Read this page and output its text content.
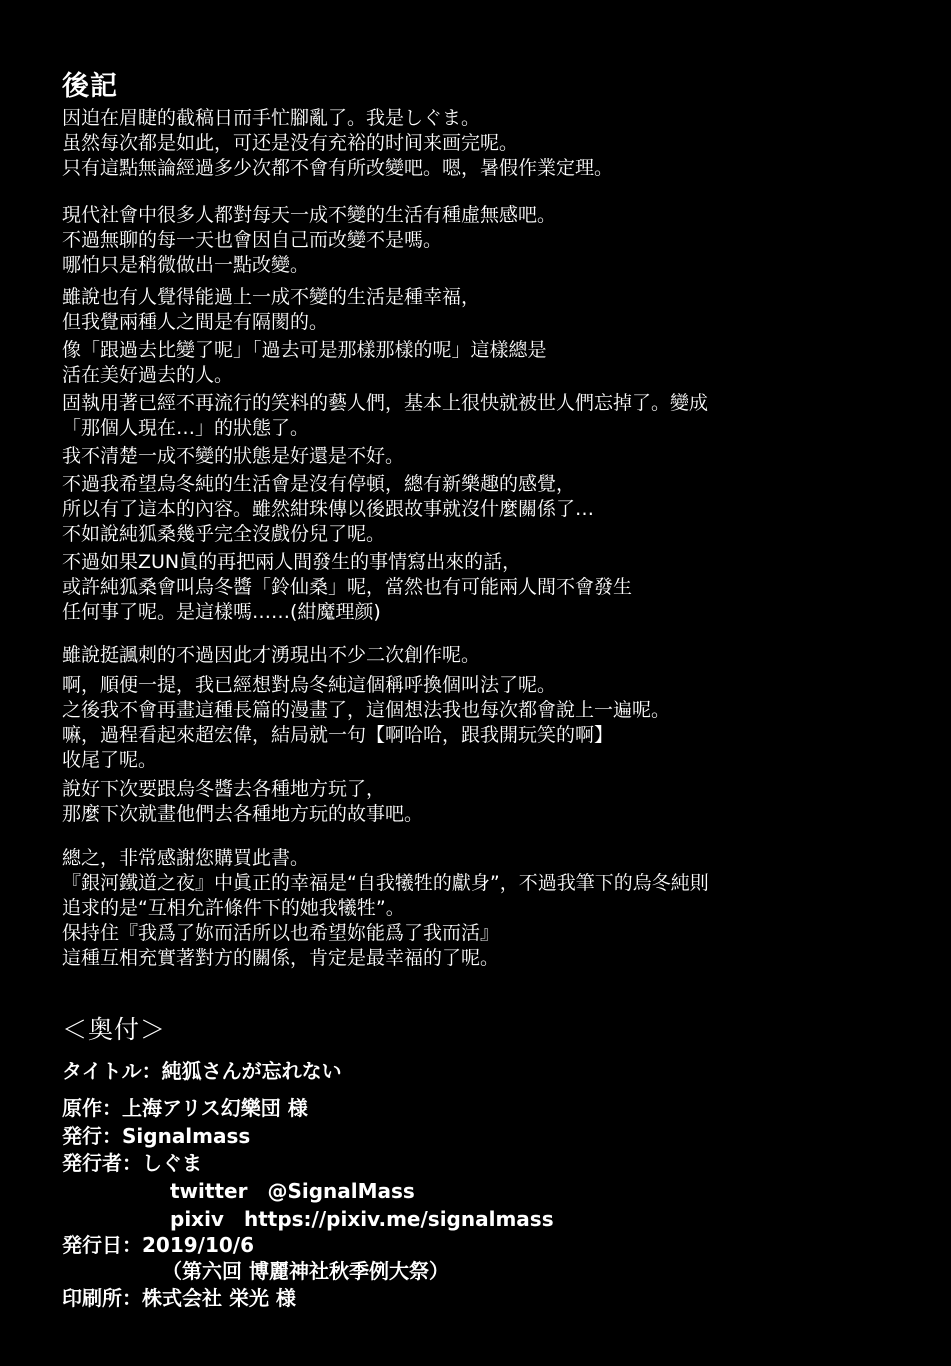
後記
因迫在眉睫的截稿日而手忙腳亂了。我是しぐま。
虽然每次都是如此，可还是没有充裕的时间来画完呢。
只有這點無論經過多少次都不會有所改變吧。嗯，暑假作業定理。
現代社會中很多人都對每天一成不變的生活有種虛無感吧。
不過無聊的每一天也會因自己而改變不是嗎。
哪怕只是稍微做出一點改變。
雖說也有人覺得能過上一成不變的生活是種幸福，
但我覺兩種人之間是有隔閡的。
像「跟過去比變了呢」「過去可是那樣那樣的呢」這樣總是
活在美好過去的人。
固執用著已經不再流行的笑料的藝人們，基本上很快就被世人們忘掉了。變成
「那個人現在…」的狀態了。
我不清楚一成不變的狀態是好還是不好。
不過我希望烏冬純的生活會是沒有停頓，總有新樂趣的感覺，
所以有了這本的內容。雖然紺珠傳以後跟故事就沒什麼關係了…
不如說純狐桑幾乎完全沒戲份兒了呢。
不過如果ZUN眞的再把兩人間發生的事情寫出來的話，
或許純狐桑會叫烏冬醬「鈴仙桑」呢，當然也有可能兩人間不會發生
任何事了呢。是這樣嗎……(紺魔理颜)
雖說挺諷刺的不過因此才湧現出不少二次創作呢。
啊，順便一提，我已經想對烏冬純這個稱呼換個叫法了呢。
之後我不會再畫這種長篇的漫畫了，這個想法我也每次都會說上一遍呢。
嘛，過程看起來超宏偉，結局就一句【啊哈哈，跟我開玩笑的啊】
收尾了呢。
說好下次要跟烏冬醬去各種地方玩了，
那麼下次就畫他們去各種地方玩的故事吧。
總之，非常感謝您購買此書。
『銀河鐵道之夜』中眞正的幸福是“自我犧牲的獻身”，不過我筆下的烏冬純則
追求的是“互相允許條件下的她我犧牲”。
保持住『我爲了妳而活所以也希望妳能爲了我而活』
這種互相充實著對方的關係，肯定是最幸福的了呢。
＜奥付＞
タイトル：純狐さんが忘れない
原作：上海アリス幻樂団 様
発行：Signalmass
発行者：しぐま
twitter　@SignalMass
pixiv　https://pixiv.me/signalmass
発行日：2019/10/6
（第六回 博麗神社秋季例大祭）
印刷所：株式会社 栄光 様
